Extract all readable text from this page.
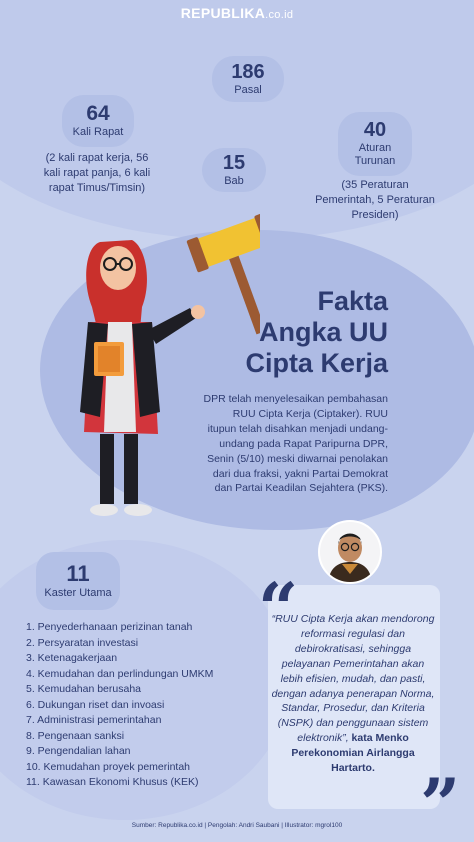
REPUBLIKA.co.id
186
Pasal
64
Kali Rapat
(2 kali rapat kerja, 56 kali rapat panja, 6 kali rapat Timus/Timsin)
15
Bab
40
Aturan Turunan
(35 Peraturan Pemerintah, 5 Peraturan Presiden)
Fakta
Angka UU
Cipta Kerja
DPR telah menyelesaikan pembahasan RUU Cipta Kerja (Ciptaker). RUU itupun telah disahkan menjadi undang-undang pada Rapat Paripurna DPR, Senin (5/10) meski diwarnai penolakan dari dua fraksi, yakni Partai Demokrat dan Partai Keadilan Sejahtera (PKS).
11
Kaster Utama
1. Penyederhanaan perizinan tanah
2. Persyaratan investasi
3. Ketenagakerjaan
4. Kemudahan dan perlindungan UMKM
5. Kemudahan berusaha
6. Dukungan riset dan invoasi
7. Administrasi pemerintahan
8. Pengenaan sanksi
9. Pengendalian lahan
10. Kemudahan proyek pemerintah
11. Kawasan Ekonomi Khusus (KEK)
“
”
“RUU Cipta Kerja akan mendorong reformasi regulasi dan debirokratisasi, sehingga pelayanan Pemerintahan akan lebih efisien, mudah, dan pasti, dengan adanya penerapan Norma, Standar, Prosedur, dan Kriteria (NSPK) dan penggunaan sistem elektronik”, kata Menko Perekonomian Airlangga Hartarto.
Sumber: Republika.co.id | Pengolah: Andri Saubani | Illustrator: mgrol100
